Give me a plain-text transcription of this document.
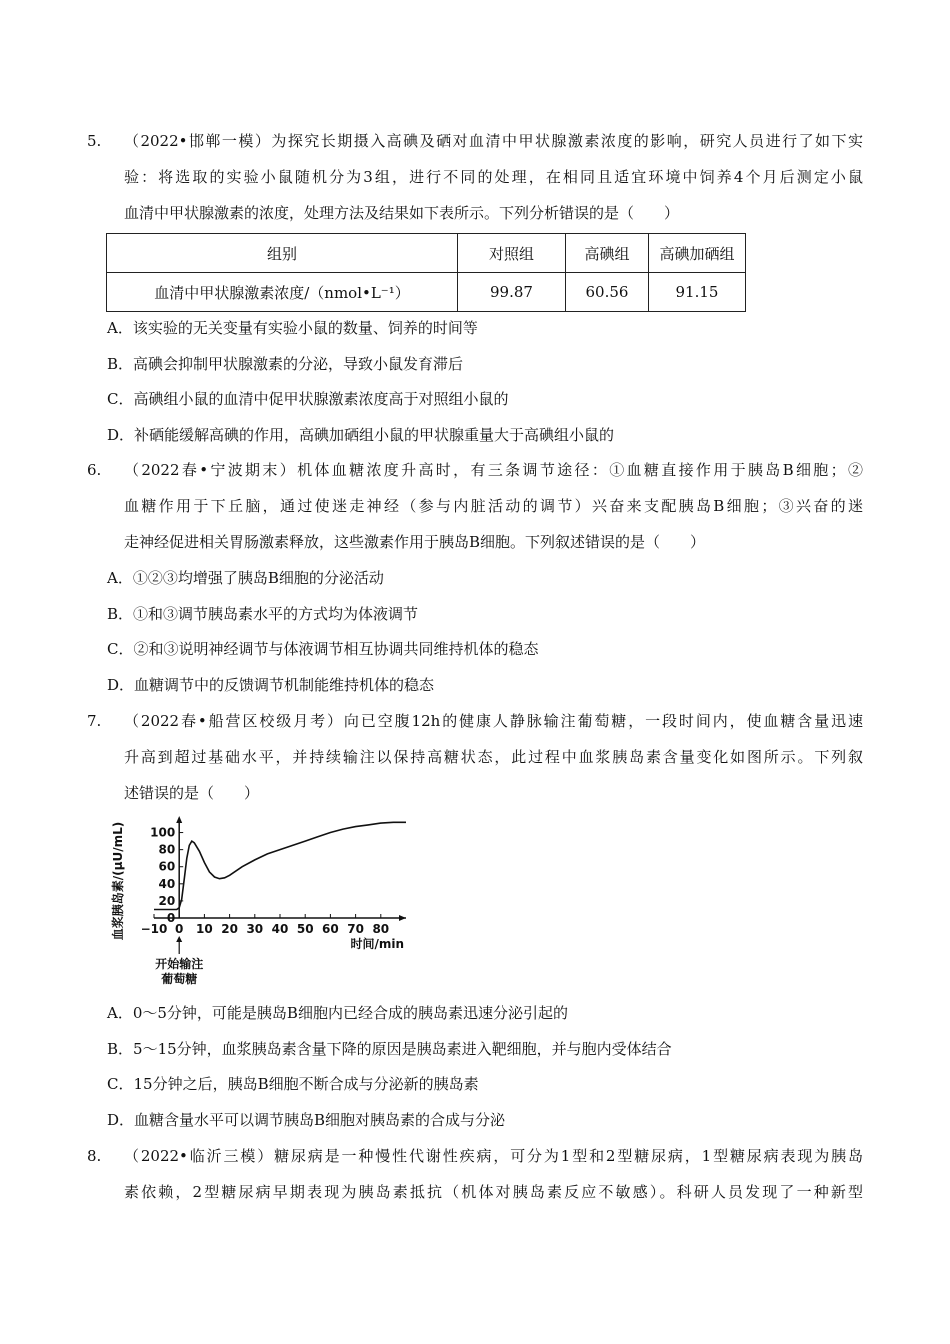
5. （2022•邯郸一模）为探究长期摄入高碘及硒对血清中甲状腺激素浓度的影响，研究人员进行了如下实
验：将选取的实验小鼠随机分为3组，进行不同的处理，在相同且适宜环境中饲养4个月后测定小鼠
血清中甲状腺激素的浓度，处理方法及结果如下表所示。下列分析错误的是（　　）
组别	对照组	高碘组	高碘加硒组
血清中甲状腺激素浓度/（nmol•L⁻¹）	99.87	60.56	91.15
A．该实验的无关变量有实验小鼠的数量、饲养的时间等
B．高碘会抑制甲状腺激素的分泌，导致小鼠发育滞后
C．高碘组小鼠的血清中促甲状腺激素浓度高于对照组小鼠的
D．补硒能缓解高碘的作用，高碘加硒组小鼠的甲状腺重量大于高碘组小鼠的
6. （2022春•宁波期末）机体血糖浓度升高时，有三条调节途径：①血糖直接作用于胰岛B细胞；②
血糖作用于下丘脑，通过使迷走神经（参与内脏活动的调节）兴奋来支配胰岛B细胞；③兴奋的迷
走神经促进相关胃肠激素释放，这些激素作用于胰岛B细胞。下列叙述错误的是（　　）
A．①②③均增强了胰岛B细胞的分泌活动
B．①和③调节胰岛素水平的方式均为体液调节
C．②和③说明神经调节与体液调节相互协调共同维持机体的稳态
D．血糖调节中的反馈调节机制能维持机体的稳态
7. （2022春•船营区校级月考）向已空腹12h的健康人静脉输注葡萄糖，一段时间内，使血糖含量迅速
升高到超过基础水平，并持续输注以保持高糖状态，此过程中血浆胰岛素含量变化如图所示。下列叙
述错误的是（　　）
0
20
40
60
80
100
−10 0 10 20 30 40 50 60 70 80
时间/min
血浆胰岛素/(μU/mL)
开始输注
葡萄糖
A．0～5分钟，可能是胰岛B细胞内已经合成的胰岛素迅速分泌引起的
B．5～15分钟，血浆胰岛素含量下降的原因是胰岛素进入靶细胞，并与胞内受体结合
C．15分钟之后，胰岛B细胞不断合成与分泌新的胰岛素
D．血糖含量水平可以调节胰岛B细胞对胰岛素的合成与分泌
8. （2022•临沂三模）糖尿病是一种慢性代谢性疾病，可分为1型和2型糖尿病，1型糖尿病表现为胰岛
素依赖，2型糖尿病早期表现为胰岛素抵抗（机体对胰岛素反应不敏感）。科研人员发现了一种新型
